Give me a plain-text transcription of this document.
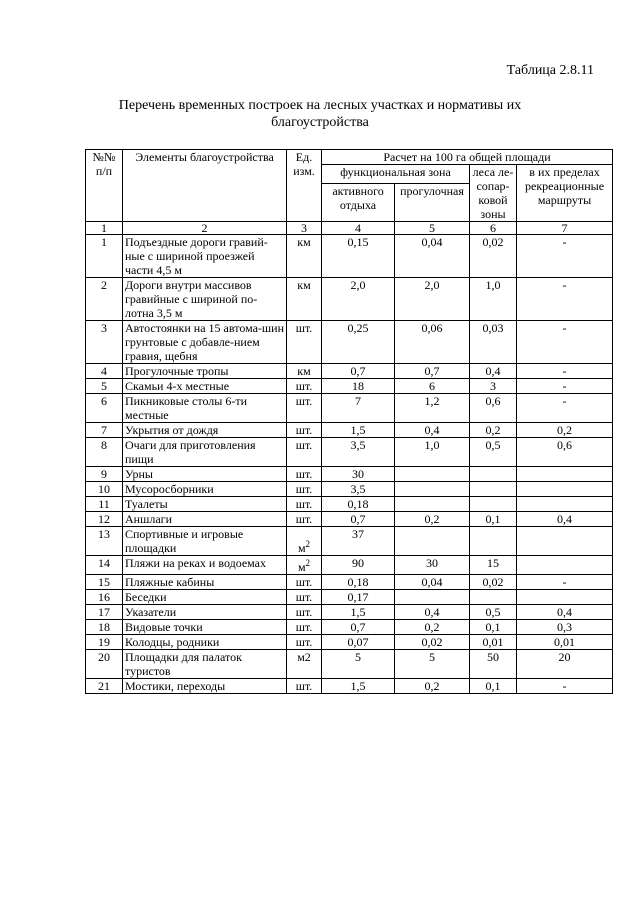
Таблица 2.8.11
Перечень временных построек на лесных участках и нормативы их благоустройства
№№ п/п	Элементы благоустройства	Ед. изм.	Расчет на 100 га общей площади			
			функциональная зона		леса ле-сопар-ковой зоны	в их пределах рекреационные маршруты
			активного отдыха	прогулочная		
1	2	3	4	5	6	7
1	Подъездные дороги гравий-ные с шириной проезжей части 4,5 м	км	0,15	0,04	0,02	-
2	Дороги внутри массивов гравийные с шириной по-лотна 3,5 м	км	2,0	2,0	1,0	-
3	Автостоянки на 15 автома-шин грунтовые с добавле-нием гравия, щебня	шт.	0,25	0,06	0,03	-
4	Прогулочные тропы	км	0,7	0,7	0,4	-
5	Скамьи 4-х местные	шт.	18	6	3	-
6	Пикниковые столы 6-ти местные	шт.	7	1,2	0,6	-
7	Укрытия от дождя	шт.	1,5	0,4	0,2	0,2
8	Очаги для приготовления пищи	шт.	3,5	1,0	0,5	0,6
9	Урны	шт.	30			
10	Мусоросборники	шт.	3,5			
11	Туалеты	шт.	0,18			
12	Аншлаги	шт.	0,7	0,2	0,1	0,4
13	Спортивные и игровые площадки	$м^2$	37			
14	Пляжи на реках и водоемах	$м^2$	90	30	15	
15	Пляжные кабины	шт.	0,18	0,04	0,02	-
16	Беседки	шт.	0,17			
17	Указатели	шт.	1,5	0,4	0,5	0,4
18	Видовые точки	шт.	0,7	0,2	0,1	0,3
19	Колодцы, родники	шт.	0,07	0,02	0,01	0,01
20	Площадки для палаток туристов	м2	5	5	50	20
21	Мостики, переходы	шт.	1,5	0,2	0,1	-
